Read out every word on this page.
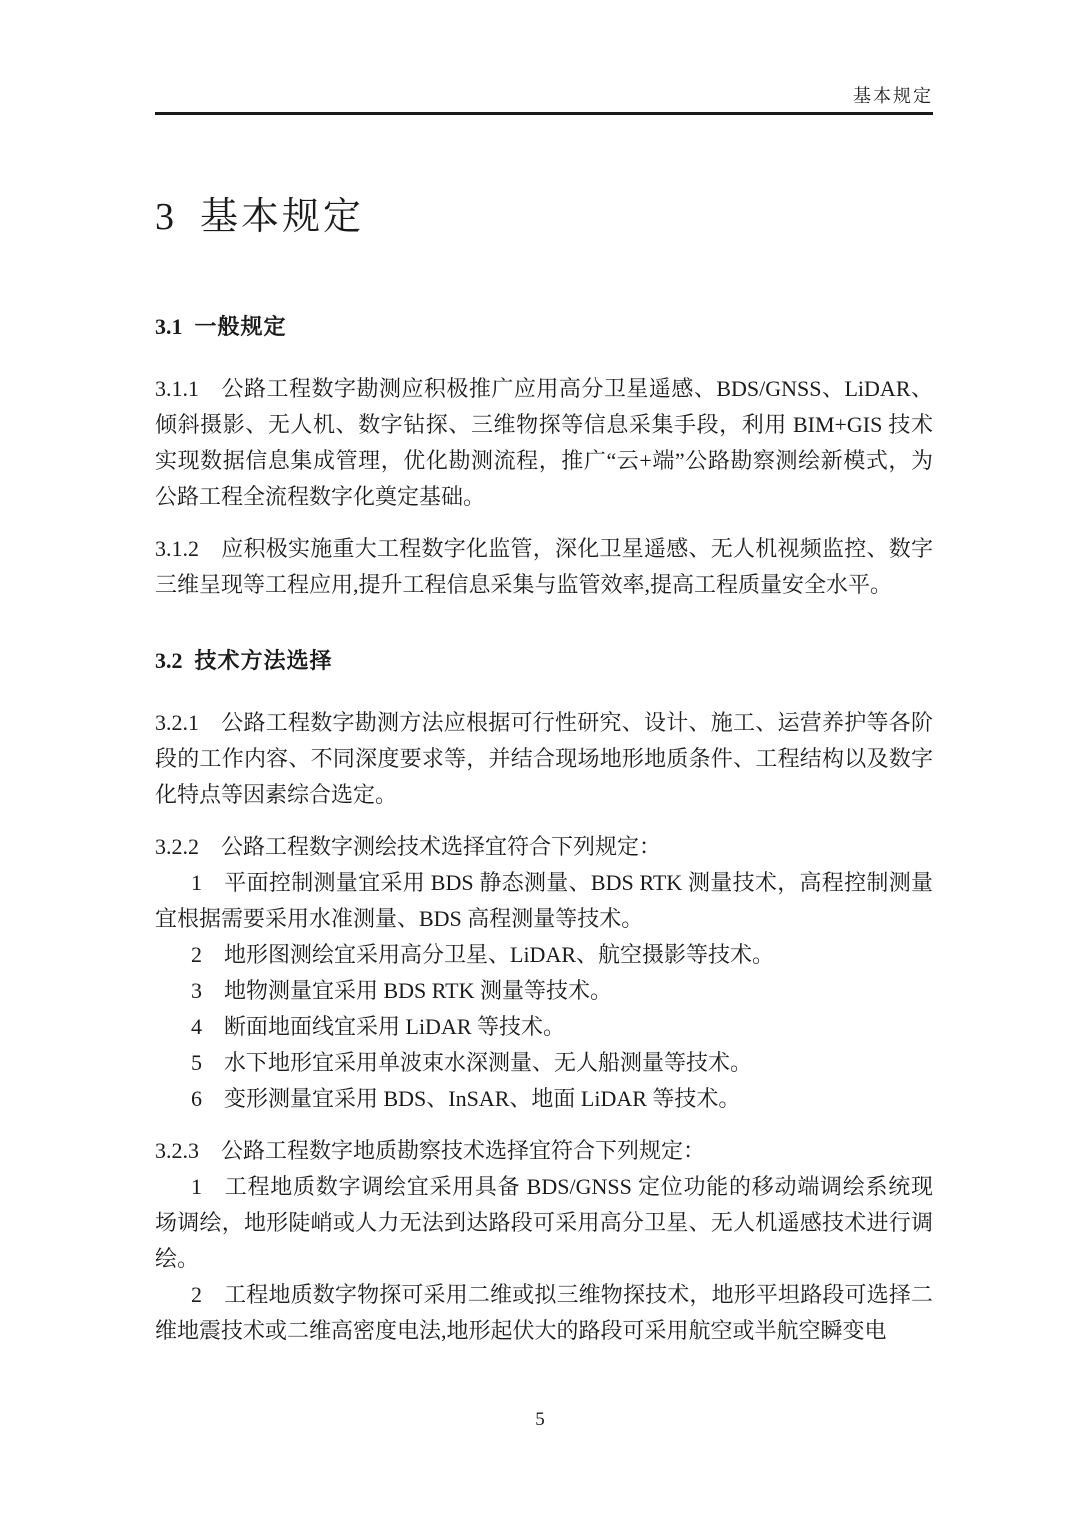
基本规定
3 基本规定
3.1 一般规定

3.1.1 公路工程数字勘测应积极推广应用高分卫星遥感、BDS/GNSS、LiDAR、倾斜摄影、无人机、数字钻探、三维物探等信息采集手段，利用 BIM+GIS 技术实现数据信息集成管理，优化勘测流程，推广“云+端”公路勘察测绘新模式，为公路工程全流程数字化奠定基础。

3.1.2 应积极实施重大工程数字化监管，深化卫星遥感、无人机视频监控、数字三维呈现等工程应用,提升工程信息采集与监管效率,提高工程质量安全水平。

3.2 技术方法选择

3.2.1 公路工程数字勘测方法应根据可行性研究、设计、施工、运营养护等各阶段的工作内容、不同深度要求等，并结合现场地形地质条件、工程结构以及数字化特点等因素综合选定。

3.2.2 公路工程数字测绘技术选择宜符合下列规定：

1 平面控制测量宜采用 BDS 静态测量、BDS RTK 测量技术，高程控制测量宜根据需要采用水准测量、BDS 高程测量等技术。

2 地形图测绘宜采用高分卫星、LiDAR、航空摄影等技术。

3 地物测量宜采用 BDS RTK 测量等技术。

4 断面地面线宜采用 LiDAR 等技术。

5 水下地形宜采用单波束水深测量、无人船测量等技术。

6 变形测量宜采用 BDS、InSAR、地面 LiDAR 等技术。

3.2.3 公路工程数字地质勘察技术选择宜符合下列规定：

1 工程地质数字调绘宜采用具备 BDS/GNSS 定位功能的移动端调绘系统现场调绘，地形陡峭或人力无法到达路段可采用高分卫星、无人机遥感技术进行调绘。

2 工程地质数字物探可采用二维或拟三维物探技术，地形平坦路段可选择二维地震技术或二维高密度电法,地形起伏大的路段可采用航空或半航空瞬变电

5
